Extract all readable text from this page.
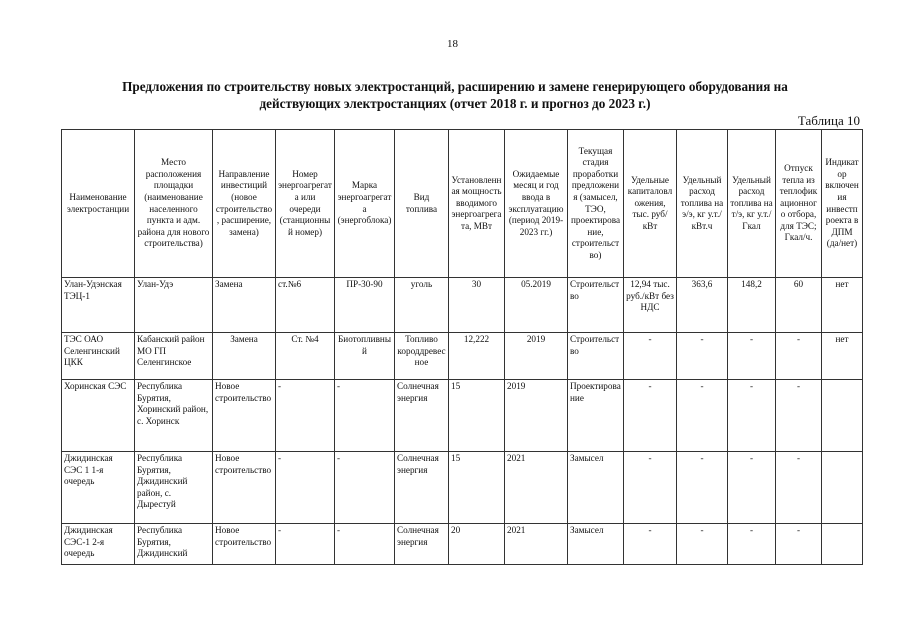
18
Предложения по строительству новых электростанций, расширению и замене генерирующего оборудования на
действующих электростанциях (отчет 2018 г. и прогноз до 2023 г.)
Таблица 10
Наименование электростанции	Место расположения площадки (наименование населенного пункта и адм. района для нового строительства)	Направление инвестиций (новое строительство, расширение, замена)	Номер энергоагрегата или очереди (станционный номер)	Марка энергоагрегата (энергоблока)	Вид топлива	Установленная мощность вводимого энергоагрегата, МВт	Ожидаемые месяц и год ввода в эксплуатацию (период 2019-2023 гг.)	Текущая стадия проработки предложения (замысел, ТЭО, проектирование, строительство)	Удельные капиталовложения, тыс. руб/ кВт	Удельный расход топлива на э/э, кг у.т./ кВт.ч	Удельный расход топлива на т/э, кг у.т./ Гкал	Отпуск тепла из теплофикационного отбора, для ТЭС; Гкал/ч.	Индикатор включения инвестпроекта в ДПМ (да/нет)
Улан-Удэнская ТЭЦ-1	Улан-Удэ	Замена	ст.№6	ПР-30-90	уголь	30	05.2019	Строительство	12,94 тыс. руб./кВт без НДС	363,6	148,2	60	нет
ТЭС ОАО Селенгинский ЦКК	Кабанский район МО ГП Селенгинское	Замена	Ст. №4	Биотопливный	Топливо короддревесное	12,222	2019	Строительство	-	-	-	-	нет
Хоринская СЭС	Республика Бурятия, Хоринский район, с. Хоринск	Новое строительство	-	-	Солнечная энергия	15	2019	Проектирование	-	-	-	-	
Джидинская СЭС 1 1-я очередь	Республика Бурятия, Джидинский район, с. Дырестуй	Новое строительство	-	-	Солнечная энергия	15	2021	Замысел	-	-	-	-	
Джидинская СЭС-1 2-я очередь	Республика Бурятия, Джидинский	Новое строительство	-	-	Солнечная энергия	20	2021	Замысел	-	-	-	-	
